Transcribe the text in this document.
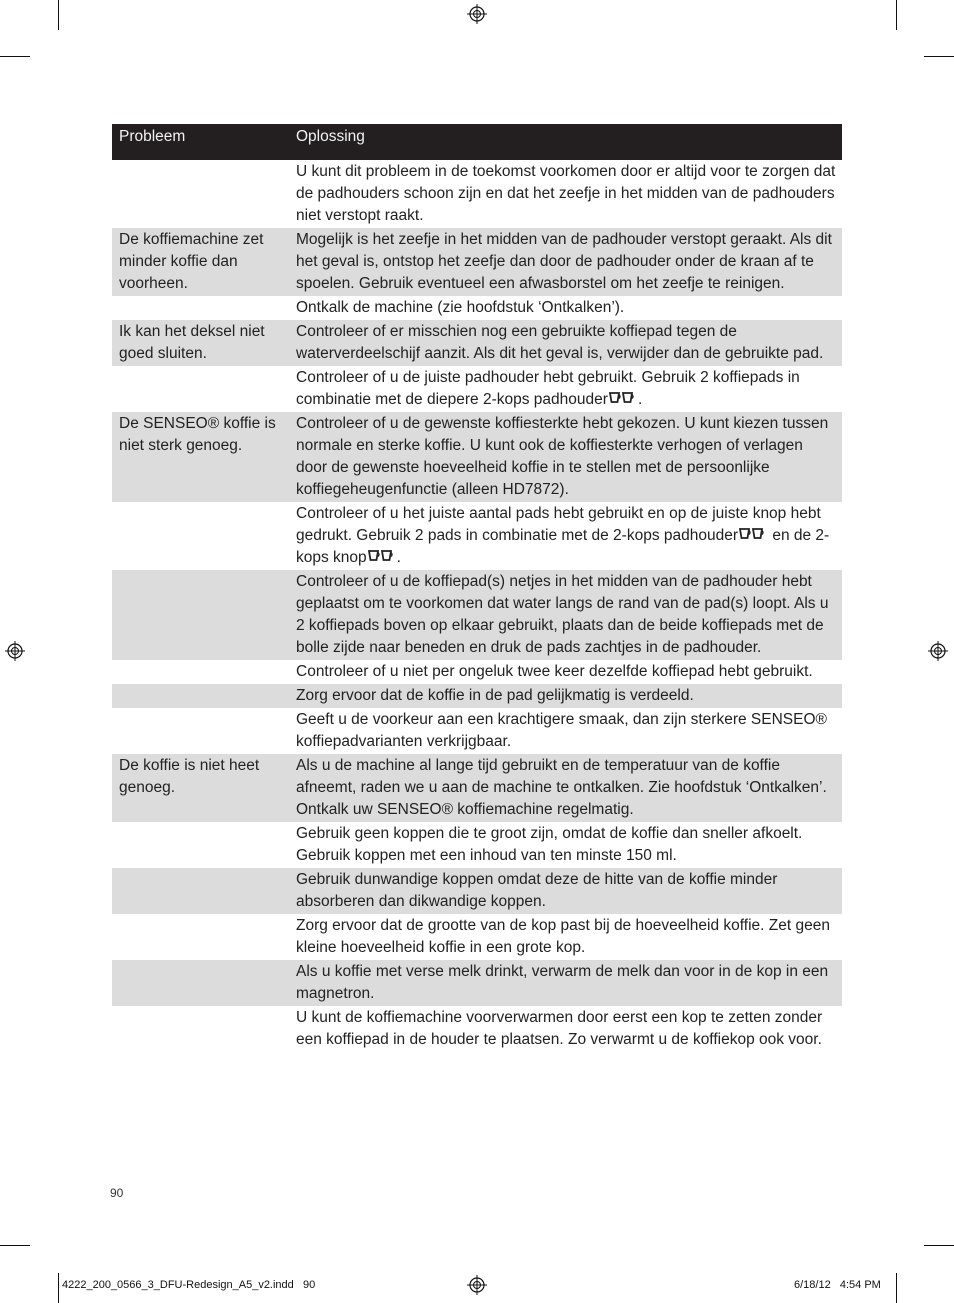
Probleem	Oplossing
U kunt dit probleem in de toekomst voorkomen door er altijd voor te zorgen dat de padhouders schoon zijn en dat het zeefje in het midden van de padhouders niet verstopt raakt.
De koffiemachine zet minder koffie dan voorheen.
Mogelijk is het zeefje in het midden van de padhouder verstopt geraakt. Als dit het geval is, ontstop het zeefje dan door de padhouder onder de kraan af te spoelen. Gebruik eventueel een afwasborstel om het zeefje te reinigen.
Ontkalk de machine (zie hoofdstuk ‘Ontkalken’).
Ik kan het deksel niet goed sluiten.
Controleer of er misschien nog een gebruikte koffiepad tegen de waterverdeelschijf aanzit. Als dit het geval is, verwijder dan de gebruikte pad.
Controleer of u de juiste padhouder hebt gebruikt. Gebruik 2 koffiepads in combinatie met de diepere 2-kops padhouder .
De SENSEO® koffie is niet sterk genoeg.
Controleer of u de gewenste koffiesterkte hebt gekozen. U kunt kiezen tussen normale en sterke koffie. U kunt ook de koffiesterkte verhogen of verlagen door de gewenste hoeveelheid koffie in te stellen met de persoonlijke koffiegeheugenfunctie (alleen HD7872).
Controleer of u het juiste aantal pads hebt gebruikt en op de juiste knop hebt gedrukt. Gebruik 2 pads in combinatie met de 2-kops padhouder en de 2-kops knop .
Controleer of u de koffiepad(s) netjes in het midden van de padhouder hebt geplaatst om te voorkomen dat water langs de rand van de pad(s) loopt. Als u 2 koffiepads boven op elkaar gebruikt, plaats dan de beide koffiepads met de bolle zijde naar beneden en druk de pads zachtjes in de padhouder.
Controleer of u niet per ongeluk twee keer dezelfde koffiepad hebt gebruikt.
Zorg ervoor dat de koffie in de pad gelijkmatig is verdeeld.
Geeft u de voorkeur aan een krachtigere smaak, dan zijn sterkere SENSEO® koffiepadvarianten verkrijgbaar.
De koffie is niet heet genoeg.
Als u de machine al lange tijd gebruikt en de temperatuur van de koffie afneemt, raden we u aan de machine te ontkalken. Zie hoofdstuk ‘Ontkalken’. Ontkalk uw SENSEO® koffiemachine regelmatig.
Gebruik geen koppen die te groot zijn, omdat de koffie dan sneller afkoelt. Gebruik koppen met een inhoud van ten minste 150 ml.
Gebruik dunwandige koppen omdat deze de hitte van de koffie minder absorberen dan dikwandige koppen.
Zorg ervoor dat de grootte van de kop past bij de hoeveelheid koffie. Zet geen kleine hoeveelheid koffie in een grote kop.
Als u koffie met verse melk drinkt, verwarm de melk dan voor in de kop in een magnetron.
U kunt de koffiemachine voorverwarmen door eerst een kop te zetten zonder een koffiepad in de houder te plaatsen. Zo verwarmt u de koffiekop ook voor.
90
4222_200_0566_3_DFU-Redesign_A5_v2.indd   90	6/18/12   4:54 PM
